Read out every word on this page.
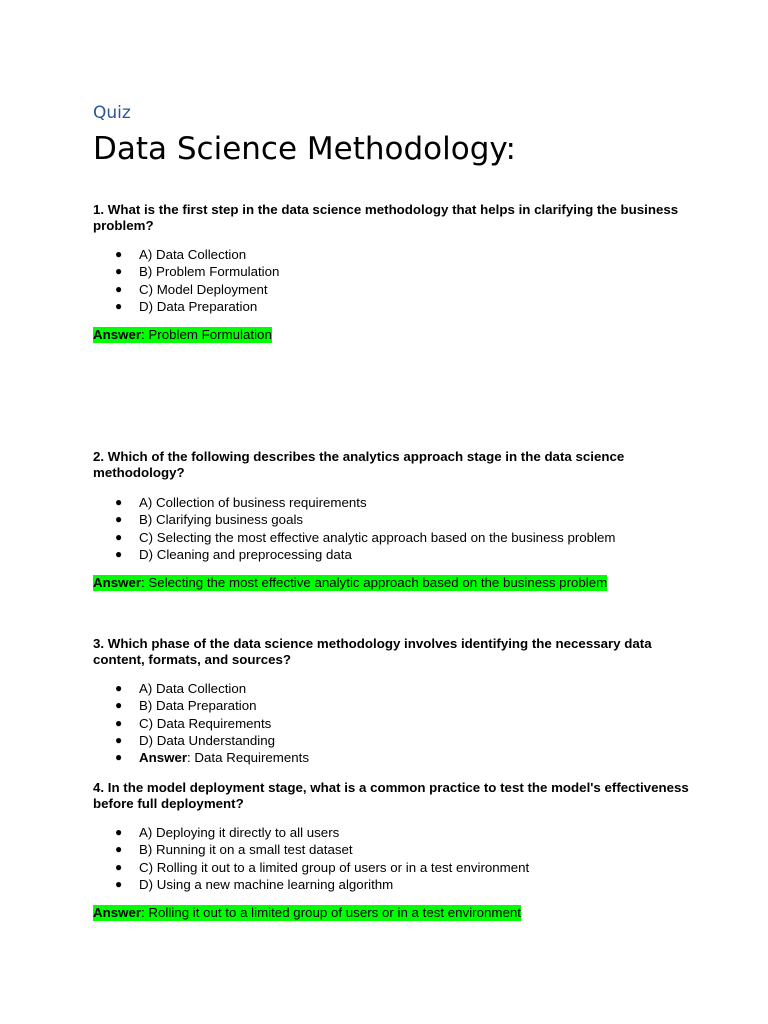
Quiz
Data Science Methodology:
1. What is the first step in the data science methodology that helps in clarifying the business problem?
● A) Data Collection
● B) Problem Formulation
● C) Model Deployment
● D) Data Preparation
Answer: Problem Formulation
2. Which of the following describes the analytics approach stage in the data science methodology?
● A) Collection of business requirements
● B) Clarifying business goals
● C) Selecting the most effective analytic approach based on the business problem
● D) Cleaning and preprocessing data
Answer: Selecting the most effective analytic approach based on the business problem
3. Which phase of the data science methodology involves identifying the necessary data content, formats, and sources?
● A) Data Collection
● B) Data Preparation
● C) Data Requirements
● D) Data Understanding
● Answer: Data Requirements
4. In the model deployment stage, what is a common practice to test the model's effectiveness before full deployment?
● A) Deploying it directly to all users
● B) Running it on a small test dataset
● C) Rolling it out to a limited group of users or in a test environment
● D) Using a new machine learning algorithm
Answer: Rolling it out to a limited group of users or in a test environment
